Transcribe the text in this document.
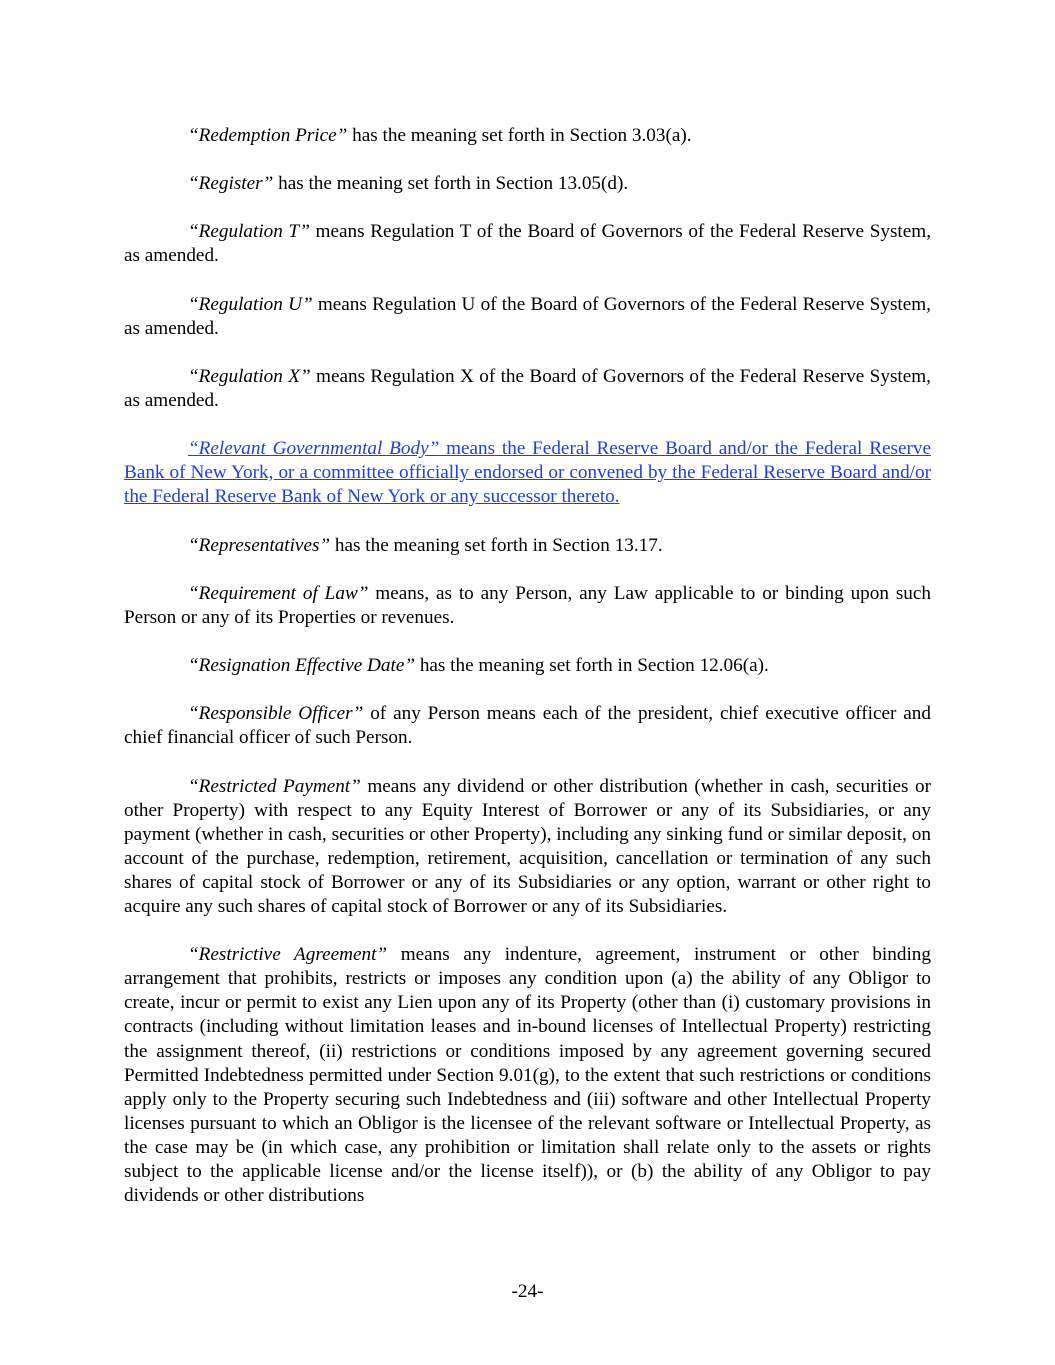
“Redemption Price” has the meaning set forth in Section 3.03(a).

“Register” has the meaning set forth in Section 13.05(d).

“Regulation T” means Regulation T of the Board of Governors of the Federal Reserve System, as amended.

“Regulation U” means Regulation U of the Board of Governors of the Federal Reserve System, as amended.

“Regulation X” means Regulation X of the Board of Governors of the Federal Reserve System, as amended.

“Relevant Governmental Body” means the Federal Reserve Board and/or the Federal Reserve Bank of New York, or a committee officially endorsed or convened by the Federal Reserve Board and/or the Federal Reserve Bank of New York or any successor thereto.

“Representatives” has the meaning set forth in Section 13.17.

“Requirement of Law” means, as to any Person, any Law applicable to or binding upon such Person or any of its Properties or revenues.

“Resignation Effective Date” has the meaning set forth in Section 12.06(a).

“Responsible Officer” of any Person means each of the president, chief executive officer and chief financial officer of such Person.

“Restricted Payment” means any dividend or other distribution (whether in cash, securities or other Property) with respect to any Equity Interest of Borrower or any of its Subsidiaries, or any payment (whether in cash, securities or other Property), including any sinking fund or similar deposit, on account of the purchase, redemption, retirement, acquisition, cancellation or termination of any such shares of capital stock of Borrower or any of its Subsidiaries or any option, warrant or other right to acquire any such shares of capital stock of Borrower or any of its Subsidiaries.

“Restrictive Agreement” means any indenture, agreement, instrument or other binding arrangement that prohibits, restricts or imposes any condition upon (a) the ability of any Obligor to create, incur or permit to exist any Lien upon any of its Property (other than (i) customary provisions in contracts (including without limitation leases and in-bound licenses of Intellectual Property) restricting the assignment thereof, (ii) restrictions or conditions imposed by any agreement governing secured Permitted Indebtedness permitted under Section 9.01(g), to the extent that such restrictions or conditions apply only to the Property securing such Indebtedness and (iii) software and other Intellectual Property licenses pursuant to which an Obligor is the licensee of the relevant software or Intellectual Property, as the case may be (in which case, any prohibition or limitation shall relate only to the assets or rights subject to the applicable license and/or the license itself)), or (b) the ability of any Obligor to pay dividends or other distributions

-24-
